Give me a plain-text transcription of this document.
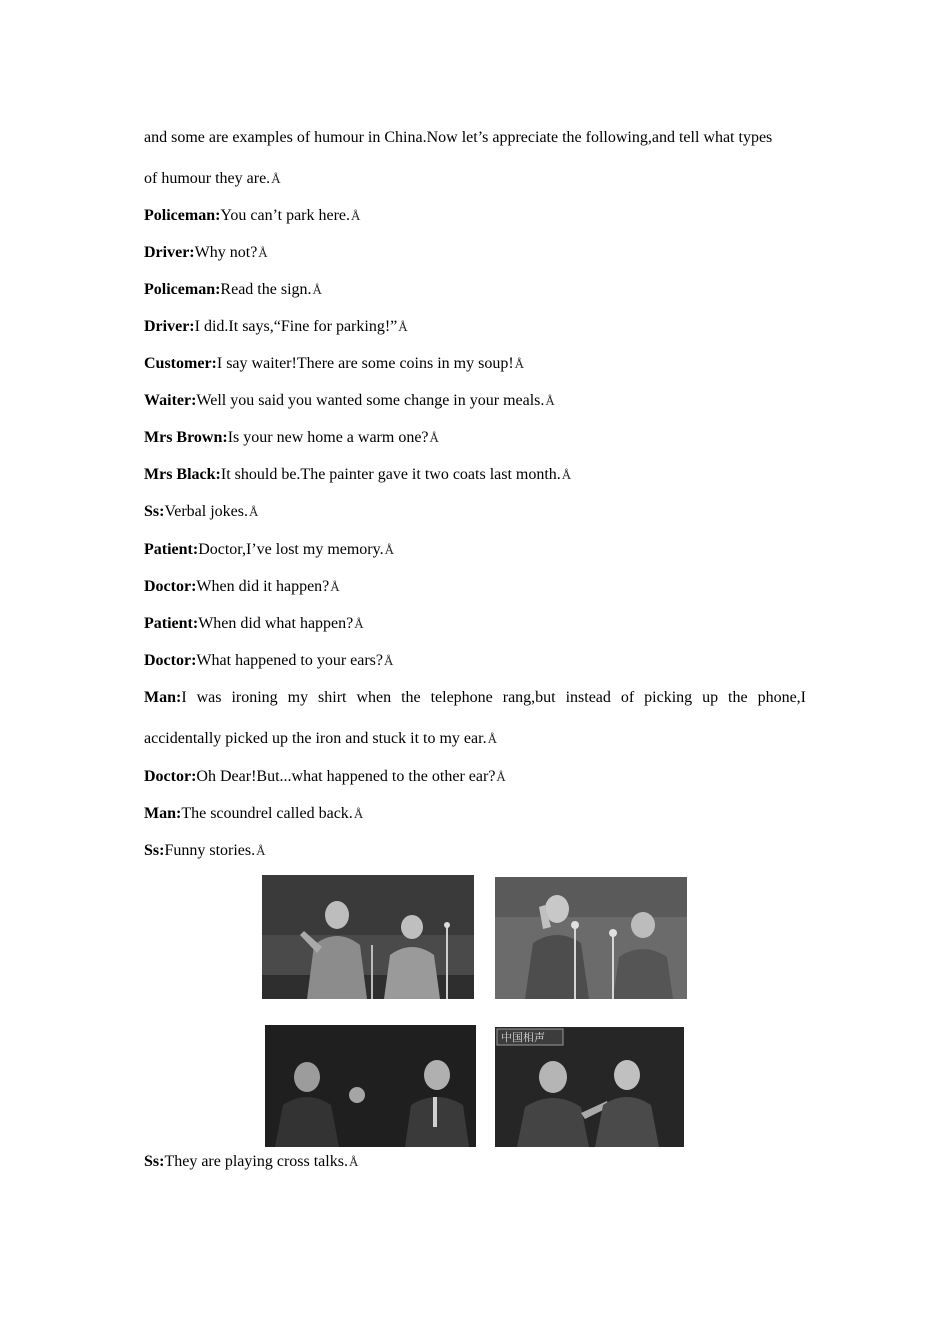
and some are examples of humour in China.Now let’s appreciate the following,and tell what types
of humour they are.Å
Policeman:You can’t park here.Å
Driver:Why not?Å
Policeman:Read the sign.Å
Driver:I did.It says,“Fine for parking!”Å
Customer:I say waiter!There are some coins in my soup!Å
Waiter:Well you said you wanted some change in your meals.Å
Mrs Brown:Is your new home a warm one?Å
Mrs Black:It should be.The painter gave it two coats last month.Å
Ss:Verbal jokes.Å
Patient:Doctor,I’ve lost my memory.Å
Doctor:When did it happen?Å
Patient:When did what happen?Å
Doctor:What happened to your ears?Å
Man:I was ironing my shirt when the telephone rang,but instead of picking up the phone,I
accidentally picked up the iron and stuck it to my ear.Å
Doctor:Oh Dear!But...what happened to the other ear?Å
Man:The scoundrel called back.Å
Ss:Funny stories.Å
中国相声
Ss:They are playing cross talks.Å
